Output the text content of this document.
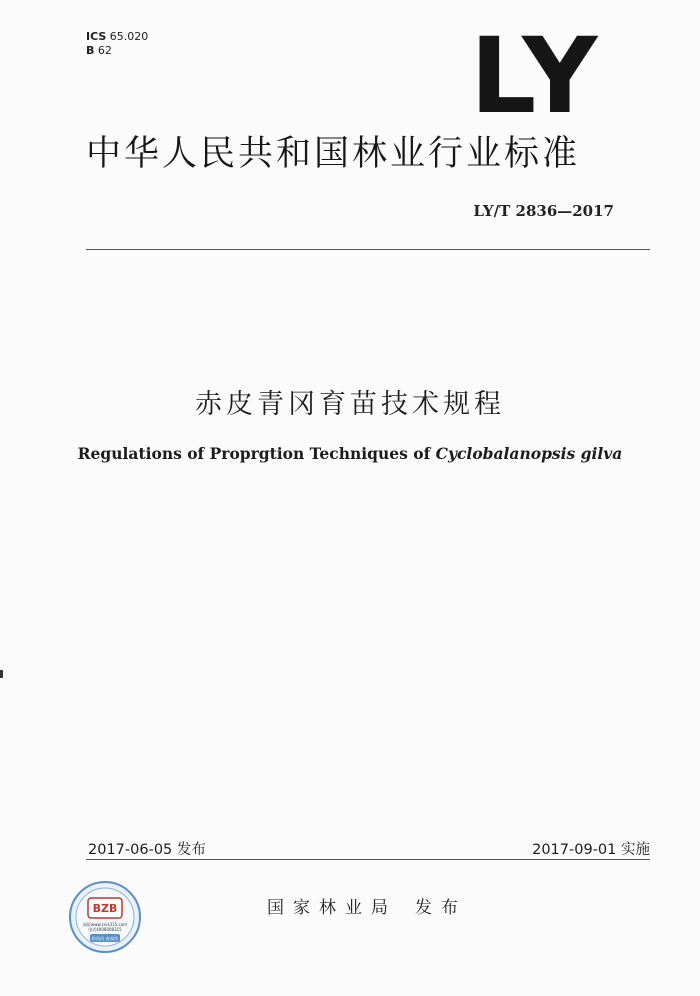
ICS 65.020
B 62	LY
中华人民共和国林业行业标准
LY/T 2836—2017
赤皮青冈育苗技术规程
Regulations of Proprgtion Techniques of Cyclobalanopsis gilva
2017-06-05 发布	2017-09-01 实施
BZB
网址www.cnis315.com
电话4008008315
防伪码 查真伪
国家林业局 发布
